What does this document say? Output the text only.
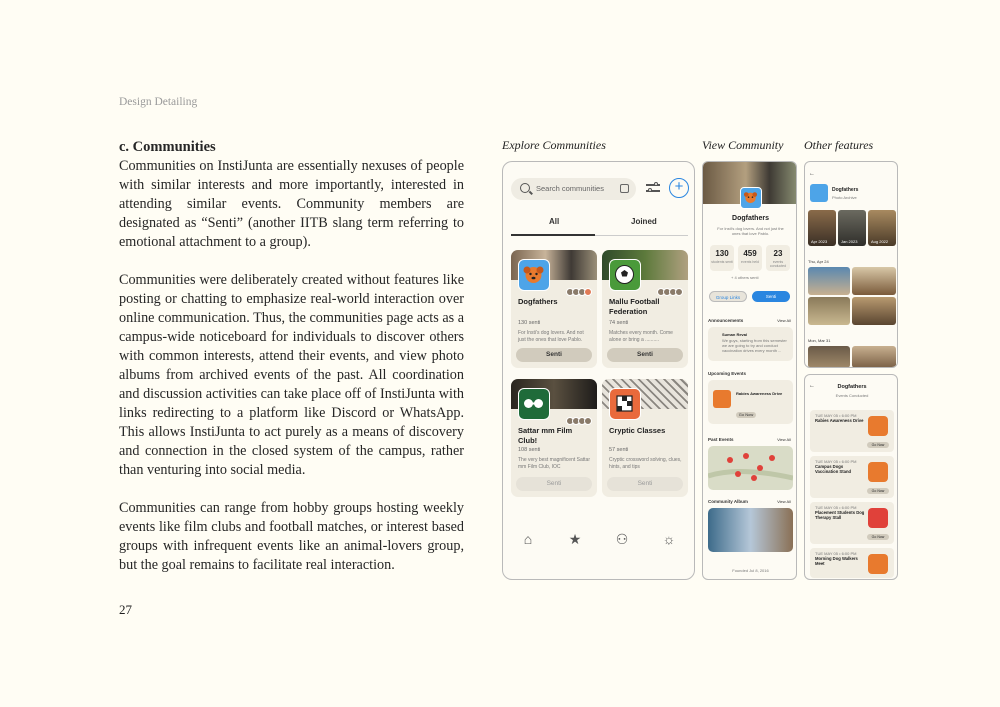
Design Detailing
c. Communities

Communities on InstiJunta are essentially nexuses of people with similar interests and more importantly, interested in attending similar events. Community members are designated as “Senti” (another IITB slang term referring to emotional attachment to a group).

Communities were deliberately created without features like posting or chatting to emphasize real-world interaction over online communication. Thus, the communities page acts as a campus-wide noticeboard for individuals to discover others with common interests, attend their events, and view photo albums from archived events of the past. All coordination and discussion activities can take place off of InstiJunta with links redirecting to a platform like Discord or WhatsApp. This allows InstiJunta to act purely as a means of discovery and connection in the closed system of the campus, rather than venturing into social media.

Communities can range from hobby groups hosting weekly events like film clubs and football matches, or interest based groups with infrequent events like an animal-lovers group, but the goal remains to facilitate real interaction.

27
Explore Communities	View Community Other features
Search communities	+
All	Joined
Dogfathers
130 senti
For Insti's dog lovers. And not just the ones that love Pablo.
Senti
Mallu Football Federation
74 senti
Matches every month. Come alone or bring a ..........
Senti
Sattar mm Film Club!
108 senti
The very best magnificent Sattar mm Film Club, IOC
Senti
Cryptic Classes
57 senti
Cryptic crossword solving, clues, hints, and tips
Senti
⌂	★ ⚇ ☼
Dogfathers
For Insti's dog lovers. And not just the ones that love Pablo.
130
students senti
459
events held
23
events conducted
+ 4 others senti
Group Links	Senti
Announcements	View All
Suman Reval
We guys, starting from this semester we are going to try and conduct vaccination drives every month ...
Upcoming Events
Rabies Awareness Drive
Go Now
Past Events	View All
Community Album	View All
Founded Jul 8, 2016
←
Dogfathers
Photo Archive
Apr 2023	Jan 2023	Aug 2022
Thu, Apr 24
Mon, Mar 31
←	Dogfathers
Events Conducted
TUE MAY 05 • 6:00 PM
Rabies Awareness Drive
Go Now
TUE MAY 05 • 6:00 PM
Campus Dogs Vaccination Stand
Go Now
TUE MAY 05 • 6:00 PM
Placement Students Dog Therapy Stall
Go Now
TUE MAY 05 • 6:00 PM
Morning Dog Walkers Meet
